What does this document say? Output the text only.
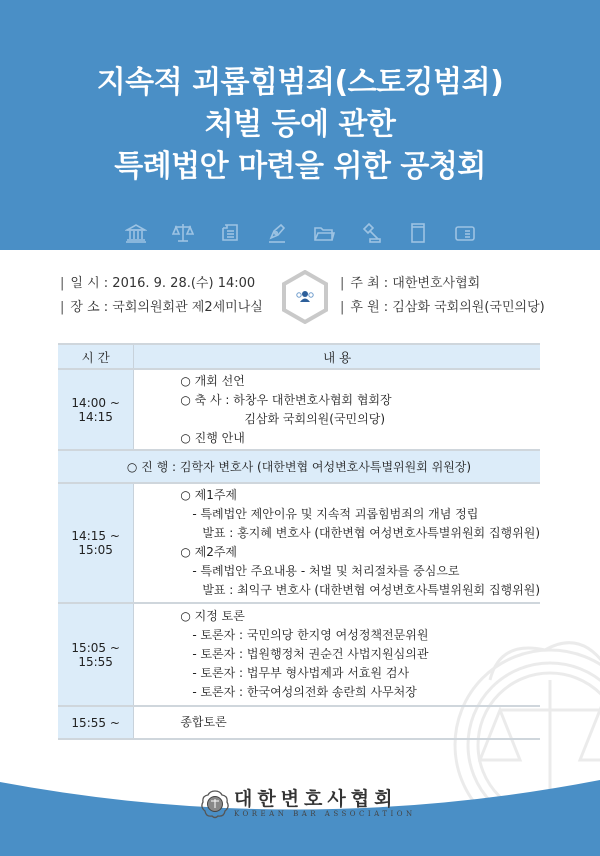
지속적 괴롭힘범죄(스토킹범죄)
처벌 등에 관한
특례법안 마련을 위한 공청회
| 일 시 : 2016. 9. 28.(수) 14:00
| 장 소 : 국회의원회관 제2세미나실
| 주 최 : 대한변호사협회
| 후 원 : 김삼화 국회의원(국민의당)
시 간	내 용
14:00 ~ 14:15	○ 개회 선언
○ 축 사 : 하창우 대한변호사협회 협회장
김삼화 국회의원(국민의당)
○ 진행 안내

○ 진 행 : 김학자 변호사 (대한변협 여성변호사특별위원회 위원장)	
14:15 ~ 15:05	
○ 제1주제
- 특례법안 제안이유 및 지속적 괴롭힘범죄의 개념 정립
발표 : 홍지혜 변호사 (대한변협 여성변호사특별위원회 집행위원)
○ 제2주제
- 특례법안 주요내용 - 처벌 및 처리절차를 중심으로
발표 : 최익구 변호사 (대한변협 여성변호사특별위원회 집행위원)

15:05 ~ 15:55	○ 지정 토론
- 토론자 : 국민의당 한지영 여성정책전문위원
- 토론자 : 법원행정처 권순건 사법지원심의관
- 토론자 : 법무부 형사법제과 서효원 검사
- 토론자 : 한국여성의전화 송란희 사무처장

15:55 ~	종합토론
대한변호사협회
KOREAN BAR ASSOCIATION
